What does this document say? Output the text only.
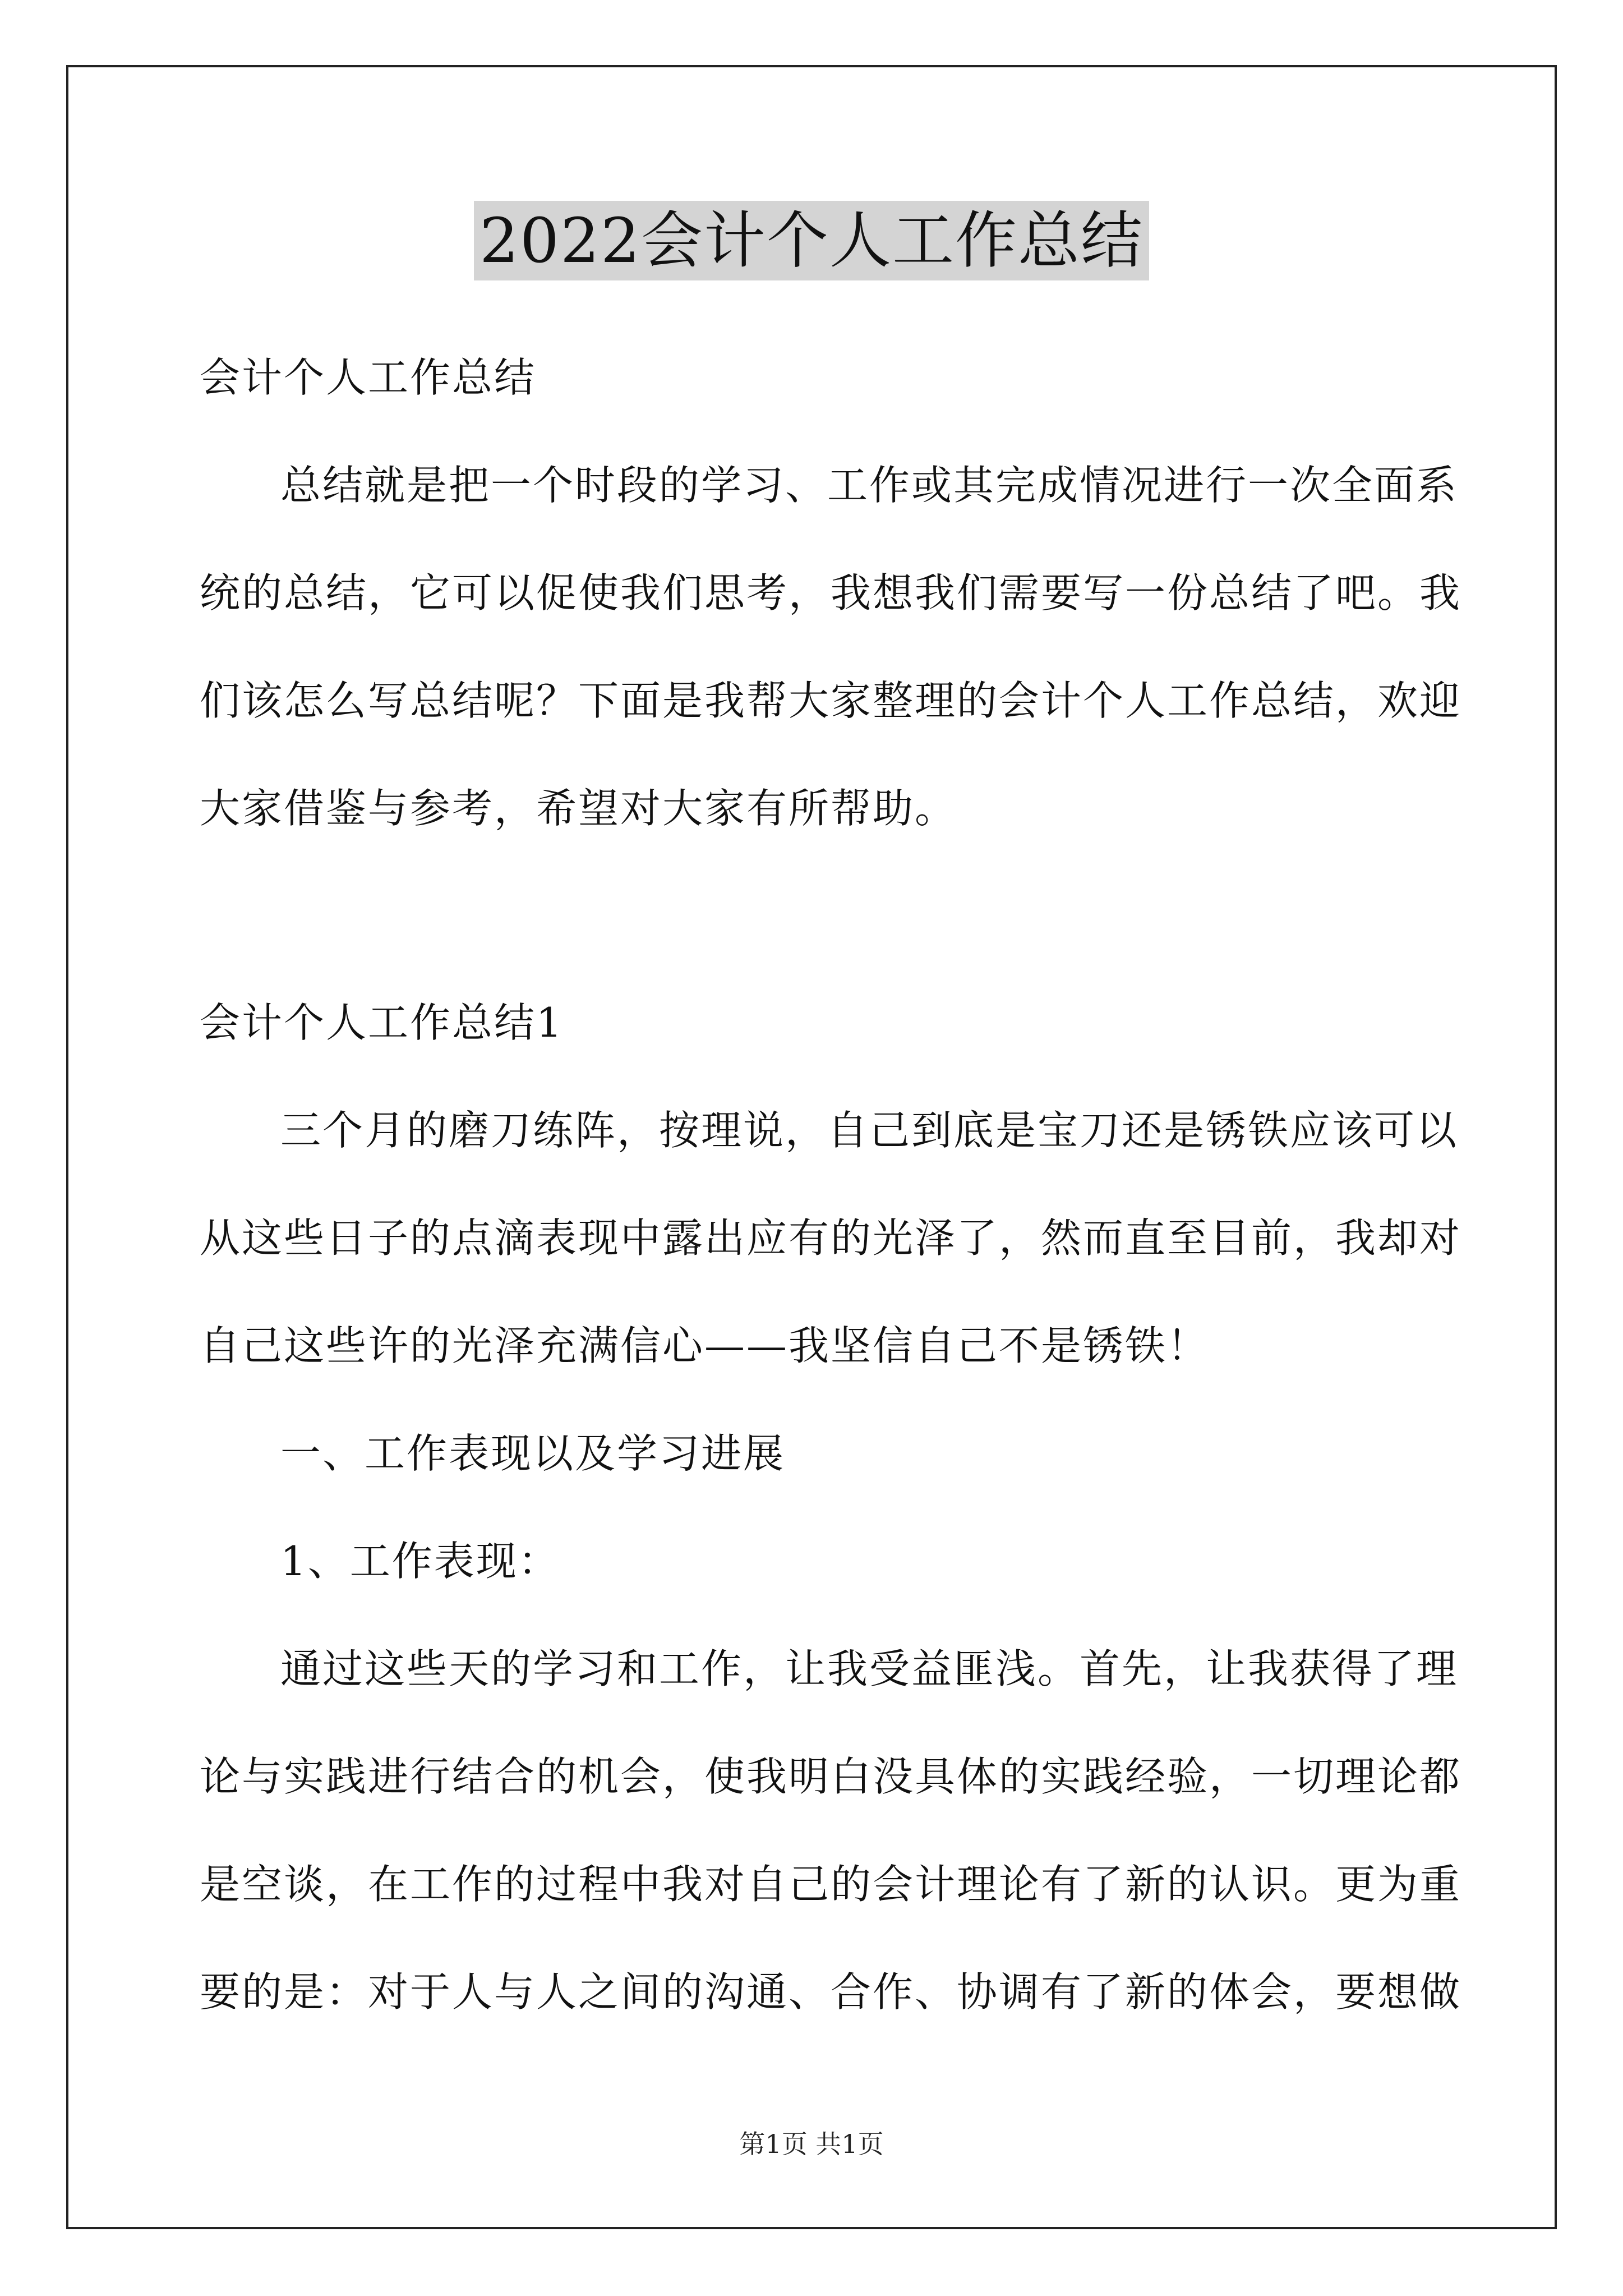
2022会计个人工作总结
会计个人工作总结
总结就是把一个时段的学习、工作或其完成情况进行一次全面系
统的总结，它可以促使我们思考，我想我们需要写一份总结了吧。我
们该怎么写总结呢？下面是我帮大家整理的会计个人工作总结，欢迎
大家借鉴与参考，希望对大家有所帮助。
会计个人工作总结1
三个月的磨刀练阵，按理说，自己到底是宝刀还是锈铁应该可以
从这些日子的点滴表现中露出应有的光泽了，然而直至目前，我却对
自己这些许的光泽充满信心——我坚信自己不是锈铁！
一、工作表现以及学习进展
1、工作表现：
通过这些天的学习和工作，让我受益匪浅。首先，让我获得了理
论与实践进行结合的机会，使我明白没具体的实践经验，一切理论都
是空谈，在工作的过程中我对自己的会计理论有了新的认识。更为重
要的是：对于人与人之间的沟通、合作、协调有了新的体会，要想做
第1页 共1页
